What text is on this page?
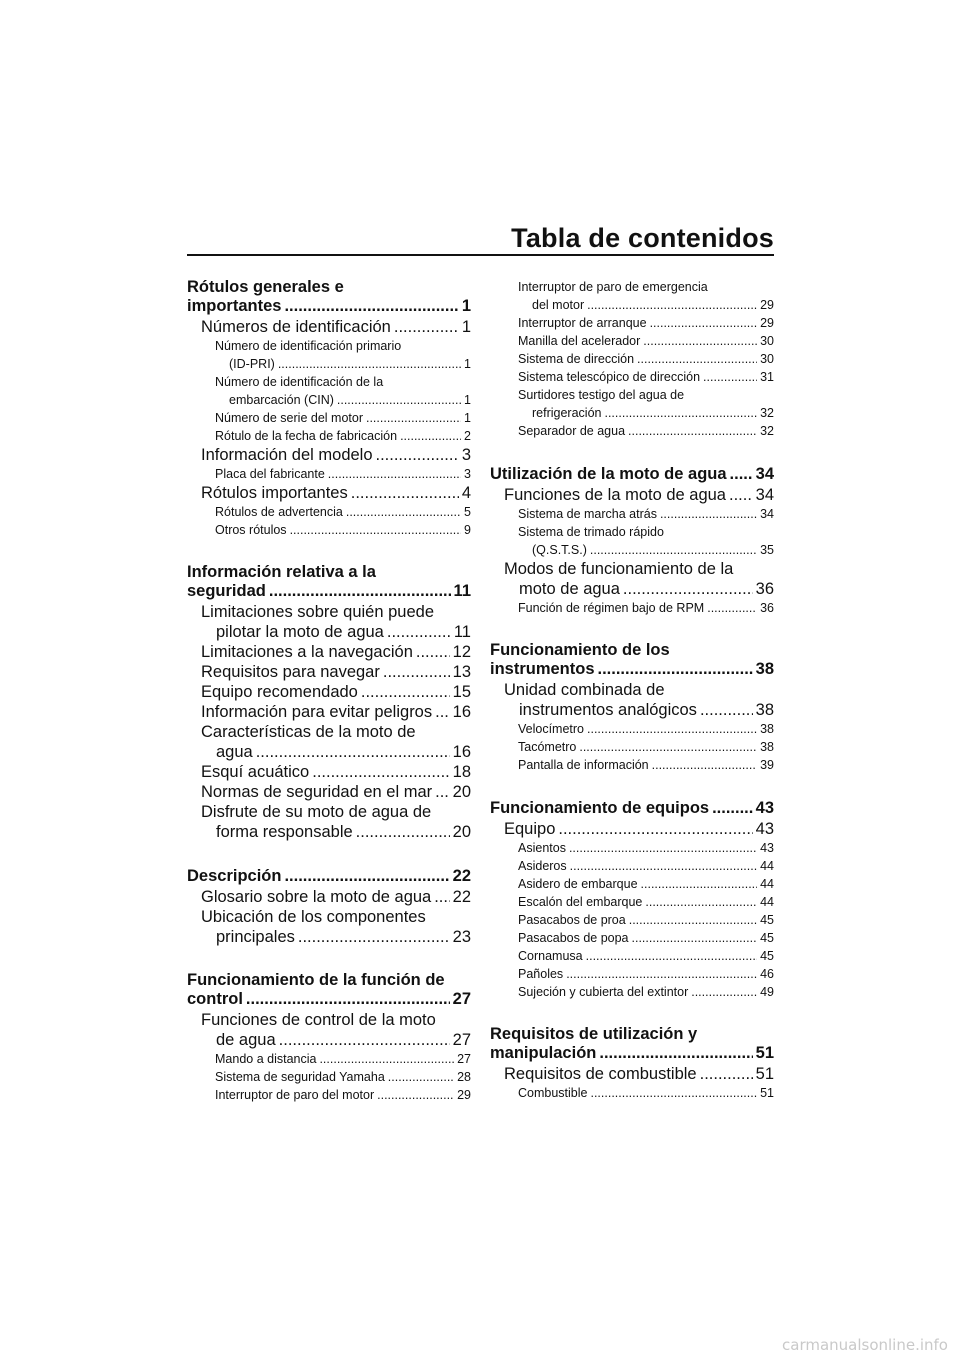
Tabla de contenidos
Rótulos generales e
importantes .....	1
Números de identificación .....	1
Número de identificación primario
(ID-PRI) .....	1
Número de identificación de la
embarcación (CIN) .....	1
Número de serie del motor .....	1
Rótulo de la fecha de fabricación .....	2
Información del modelo .....	3
Placa del fabricante .....	3
Rótulos importantes .....	4
Rótulos de advertencia .....	5
Otros rótulos .....	9
Información relativa a la
seguridad .....	11
Limitaciones sobre quién puede
pilotar la moto de agua .....	11
Limitaciones a la navegación ..... 12
Requisitos para navegar .....	13
Equipo recomendado .....	15
Información para evitar peligros ..... 16
Características de la moto de
agua .....	16
Esquí acuático .....	18
Normas de seguridad en el mar ..... 20
Disfrute de su moto de agua de
forma responsable .....	20
Descripción .....	22
Glosario sobre la moto de agua ..... 22
Ubicación de los componentes
principales .....	23
Funcionamiento de la función de
control .....	27
Funciones de control de la moto
de agua .....	27
Mando a distancia .....	27
Sistema de seguridad Yamaha .....	28
Interruptor de paro del motor .....	29
Interruptor de paro de emergencia
del motor .....	29
Interruptor de arranque .....	29
Manilla del acelerador .....	30
Sistema de dirección .....	30
Sistema telescópico de dirección .....	31
Surtidores testigo del agua de
refrigeración .....	32
Separador de agua .....	32
Utilización de la moto de agua ..... 34
Funciones de la moto de agua ..... 34
Sistema de marcha atrás .....	34
Sistema de trimado rápido
(Q.S.T.S.) .....	35
Modos de funcionamiento de la
moto de agua .....	36
Función de régimen bajo de RPM .....	36
Funcionamiento de los
instrumentos .....	38
Unidad combinada de
instrumentos analógicos .....	38
Velocímetro .....	38
Tacómetro .....	38
Pantalla de información .....	39
Funcionamiento de equipos .....	43
Equipo .....	43
Asientos .....	43
Asideros .....	44
Asidero de embarque .....	44
Escalón del embarque .....	44
Pasacabos de proa .....	45
Pasacabos de popa .....	45
Cornamusa .....	45
Pañoles .....	46
Sujeción y cubierta del extintor .....	49
Requisitos de utilización y
manipulación .....	51
Requisitos de combustible .....	51
Combustible .....	51
carmanualsonline.info
